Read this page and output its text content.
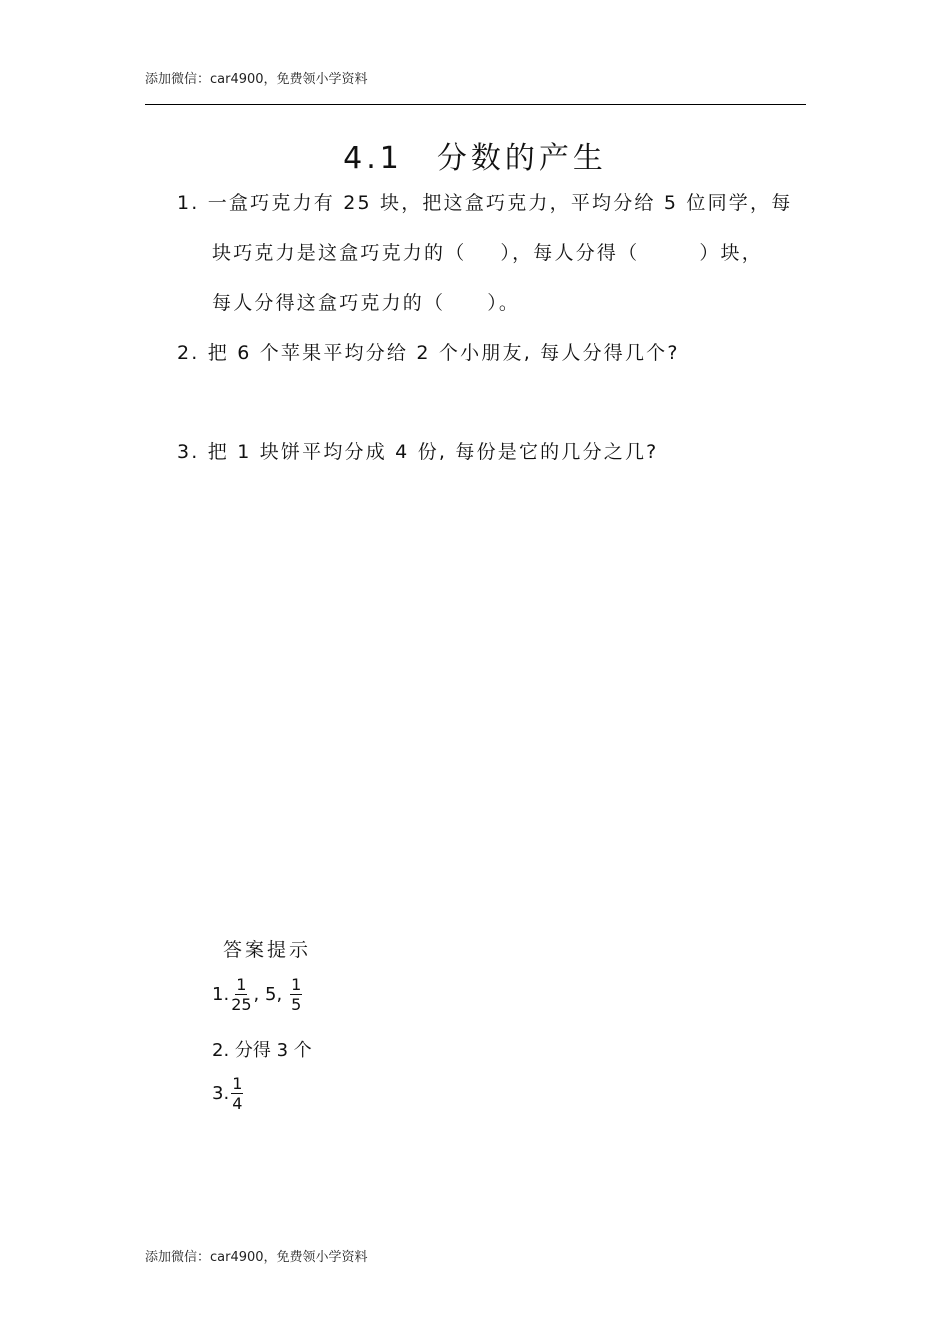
添加微信：car4900，免费领小学资料
4.1　分数的产生
1. 一盒巧克力有 25 块，把这盒巧克力，平均分给 5 位同学，每
块巧克力是这盒巧克力的（ ），每人分得（	）块，
每人分得这盒巧克力的（ ）。
2. 把 6 个苹果平均分给 2 个小朋友, 每人分得几个?
3. 把 1 块饼平均分成 4 份, 每份是它的几分之几?
答案提示
1. $\frac{1}{25}$ , 5, $\frac{1}{5}$
2. 分得 3 个
3. $\frac{1}{4}$
添加微信：car4900，免费领小学资料
